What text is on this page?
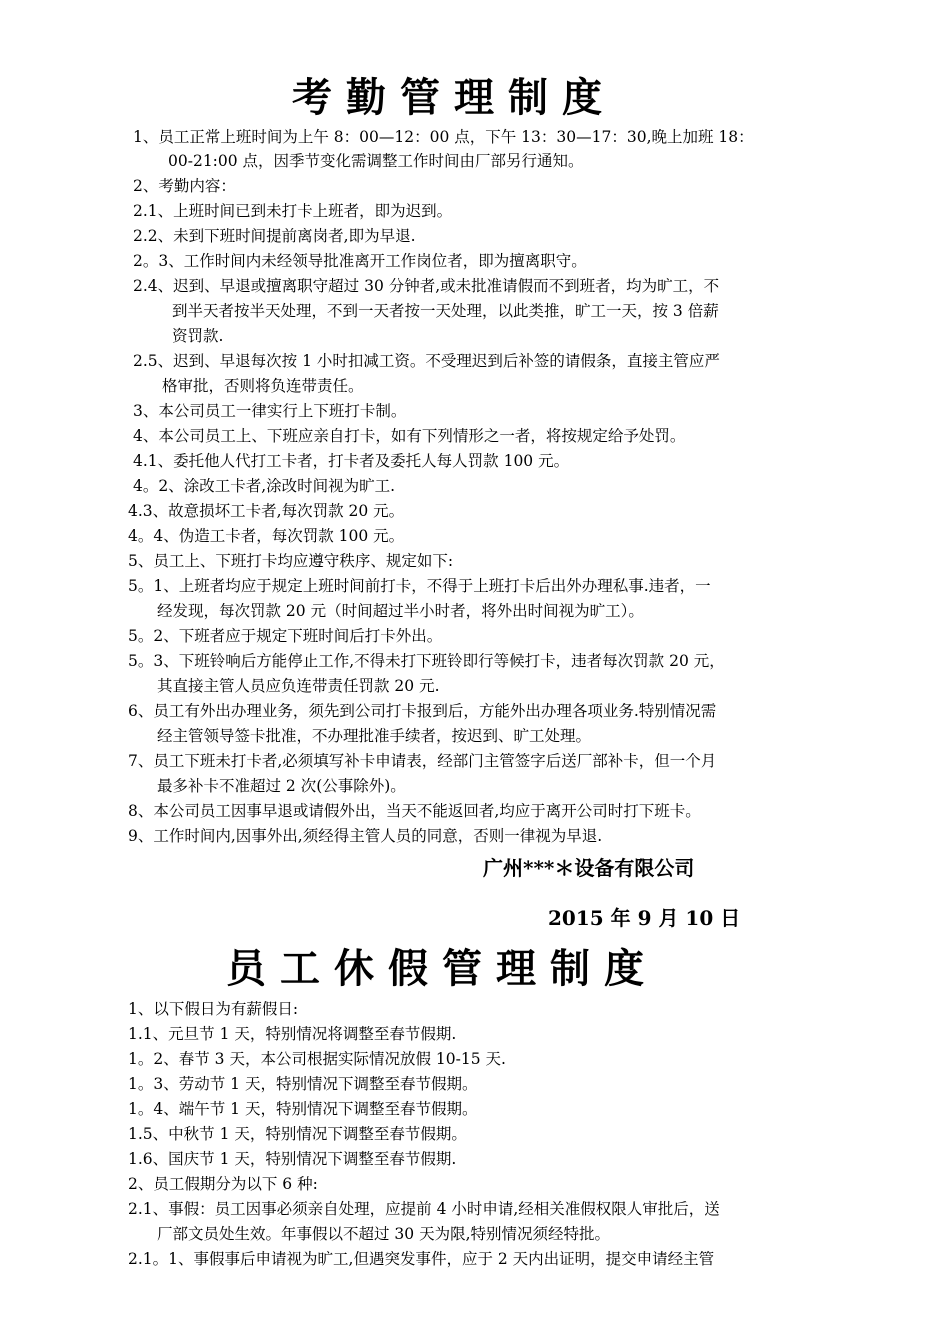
考勤管理制度
1、员工正常上班时间为上午 8：00—12：00 点，下午 13：30—17：30,晚上加班 18：
00-21:00 点，因季节变化需调整工作时间由厂部另行通知。
2、考勤内容：
2.1、上班时间已到未打卡上班者，即为迟到。
2.2、未到下班时间提前离岗者,即为早退.
2。3、工作时间内未经领导批准离开工作岗位者，即为擅离职守。
2.4、迟到、早退或擅离职守超过 30 分钟者,或未批准请假而不到班者，均为旷工，不
到半天者按半天处理，不到一天者按一天处理，以此类推，旷工一天，按 3 倍薪
资罚款.
2.5、迟到、早退每次按 1 小时扣减工资。不受理迟到后补签的请假条，直接主管应严
格审批，否则将负连带责任。
3、本公司员工一律实行上下班打卡制。
4、本公司员工上、下班应亲自打卡，如有下列情形之一者，将按规定给予处罚。
4.1、委托他人代打工卡者，打卡者及委托人每人罚款 100 元。
4。2、涂改工卡者,涂改时间视为旷工.
4.3、故意损坏工卡者,每次罚款 20 元。
4。4、伪造工卡者，每次罚款 100 元。
5、员工上、下班打卡均应遵守秩序、规定如下:
5。1、上班者均应于规定上班时间前打卡，不得于上班打卡后出外办理私事.违者，一
经发现，每次罚款 20 元（时间超过半小时者，将外出时间视为旷工）。
5。2、下班者应于规定下班时间后打卡外出。
5。3、下班铃响后方能停止工作,不得未打下班铃即行等候打卡，违者每次罚款 20 元，
其直接主管人员应负连带责任罚款 20 元.
6、员工有外出办理业务，须先到公司打卡报到后，方能外出办理各项业务.特别情况需
经主管领导签卡批准，不办理批准手续者，按迟到、旷工处理。
7、员工下班未打卡者,必须填写补卡申请表，经部门主管签字后送厂部补卡，但一个月
最多补卡不准超过 2 次(公事除外)。
8、本公司员工因事早退或请假外出，当天不能返回者,均应于离开公司时打下班卡。
9、工作时间内,因事外出,须经得主管人员的同意，否则一律视为早退.
广州***＊设备有限公司
2015 年 9 月 10 日
员工休假管理制度
1、以下假日为有薪假日:
1.1、元旦节 1 天，特别情况将调整至春节假期.
1。2、春节 3 天，本公司根据实际情况放假 10-15 天.
1。3、劳动节 1 天，特别情况下调整至春节假期。
1。4、端午节 1 天，特别情况下调整至春节假期。
1.5、中秋节 1 天，特别情况下调整至春节假期。
1.6、国庆节 1 天，特别情况下调整至春节假期.
2、员工假期分为以下 6 种:
2.1、事假：员工因事必须亲自处理，应提前 4 小时申请,经相关准假权限人审批后，送
厂部文员处生效。年事假以不超过 30 天为限,特别情况须经特批。
2.1。1、事假事后申请视为旷工,但遇突发事件，应于 2 天内出证明，提交申请经主管
